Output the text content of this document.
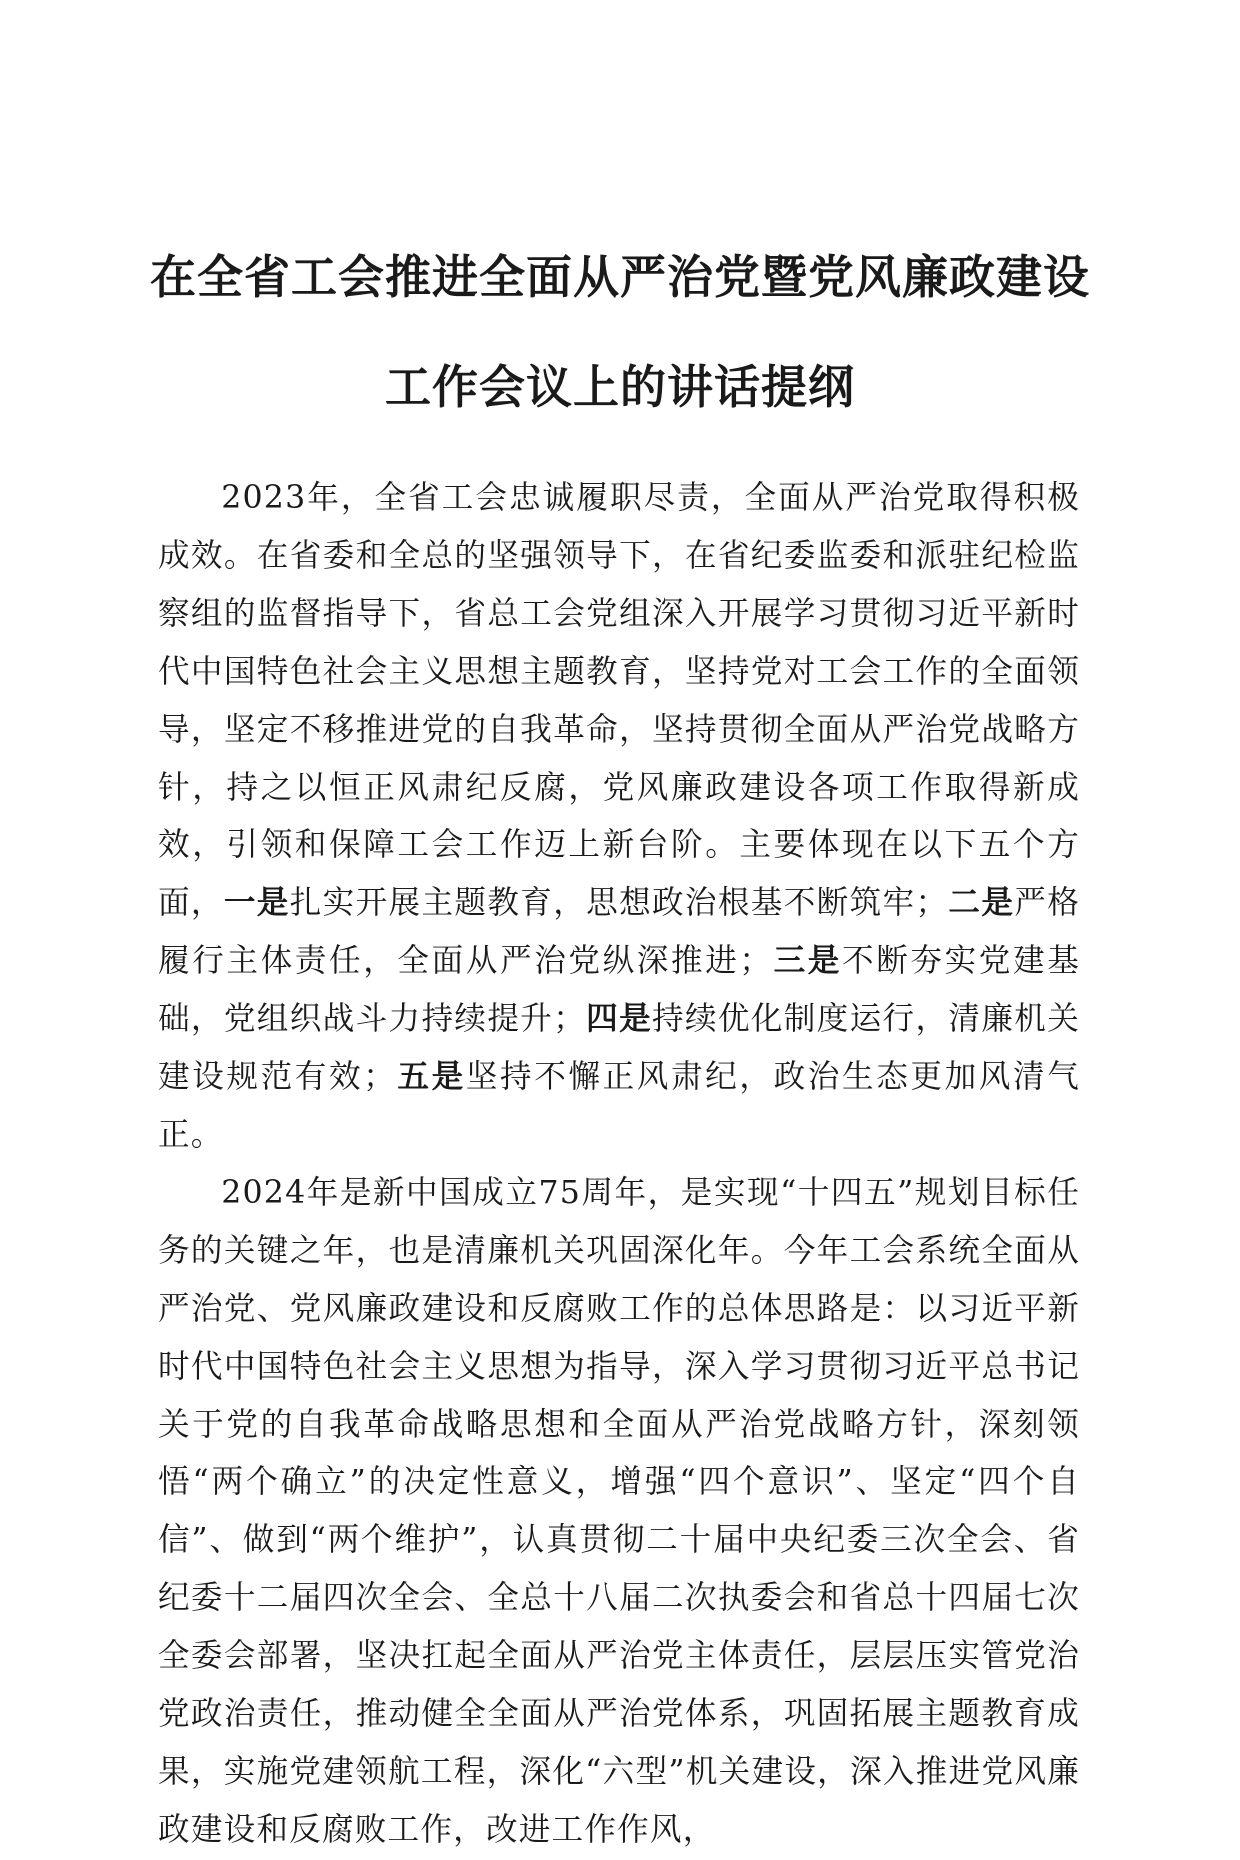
在全省工会推进全面从严治党暨党风廉政建设
工作会议上的讲话提纲

2023年，全省工会忠诚履职尽责，全面从严治党取得积极成效。在省委和全总的坚强领导下，在省纪委监委和派驻纪检监察组的监督指导下，省总工会党组深入开展学习贯彻习近平新时代中国特色社会主义思想主题教育，坚持党对工会工作的全面领导，坚定不移推进党的自我革命，坚持贯彻全面从严治党战略方针，持之以恒正风肃纪反腐，党风廉政建设各项工作取得新成效，引领和保障工会工作迈上新台阶。主要体现在以下五个方面，一是扎实开展主题教育，思想政治根基不断筑牢；二是严格履行主体责任，全面从严治党纵深推进；三是不断夯实党建基础，党组织战斗力持续提升；四是持续优化制度运行，清廉机关建设规范有效；五是坚持不懈正风肃纪，政治生态更加风清气正。

2024年是新中国成立75周年，是实现“十四五”规划目标任务的关键之年，也是清廉机关巩固深化年。今年工会系统全面从严治党、党风廉政建设和反腐败工作的总体思路是：以习近平新时代中国特色社会主义思想为指导，深入学习贯彻习近平总书记关于党的自我革命战略思想和全面从严治党战略方针，深刻领悟“两个确立”的决定性意义，增强“四个意识”、坚定“四个自信”、做到“两个维护”，认真贯彻二十届中央纪委三次全会、省纪委十二届四次全会、全总十八届二次执委会和省总十四届七次全委会部署，坚决扛起全面从严治党主体责任，层层压实管党治党政治责任，推动健全全面从严治党体系，巩固拓展主题教育成果，实施党建领航工程，深化“六型”机关建设，深入推进党风廉政建设和反腐败工作，改进工作作风，
